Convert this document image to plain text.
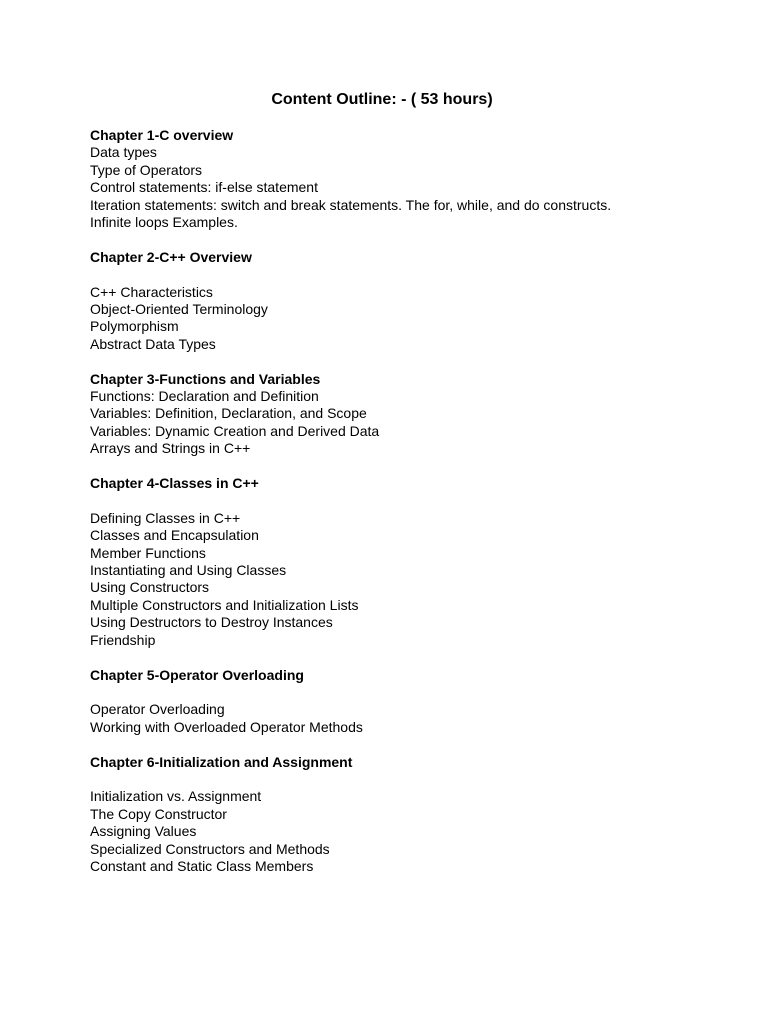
Content Outline: - ( 53 hours)
Chapter 1-C overview
Data types
Type of Operators
Control statements: if-else statement
Iteration statements: switch and break statements. The for, while, and do constructs.
Infinite loops Examples.
Chapter 2-C++ Overview
C++ Characteristics
Object-Oriented Terminology
Polymorphism
Abstract Data Types
Chapter 3-Functions and Variables
Functions: Declaration and Definition
Variables: Definition, Declaration, and Scope
Variables: Dynamic Creation and Derived Data
Arrays and Strings in C++
Chapter 4-Classes in C++
Defining Classes in C++
Classes and Encapsulation
Member Functions
Instantiating and Using Classes
Using Constructors
Multiple Constructors and Initialization Lists
Using Destructors to Destroy Instances
Friendship
Chapter 5-Operator Overloading
Operator Overloading
Working with Overloaded Operator Methods
Chapter 6-Initialization and Assignment
Initialization vs. Assignment
The Copy Constructor
Assigning Values
Specialized Constructors and Methods
Constant and Static Class Members
